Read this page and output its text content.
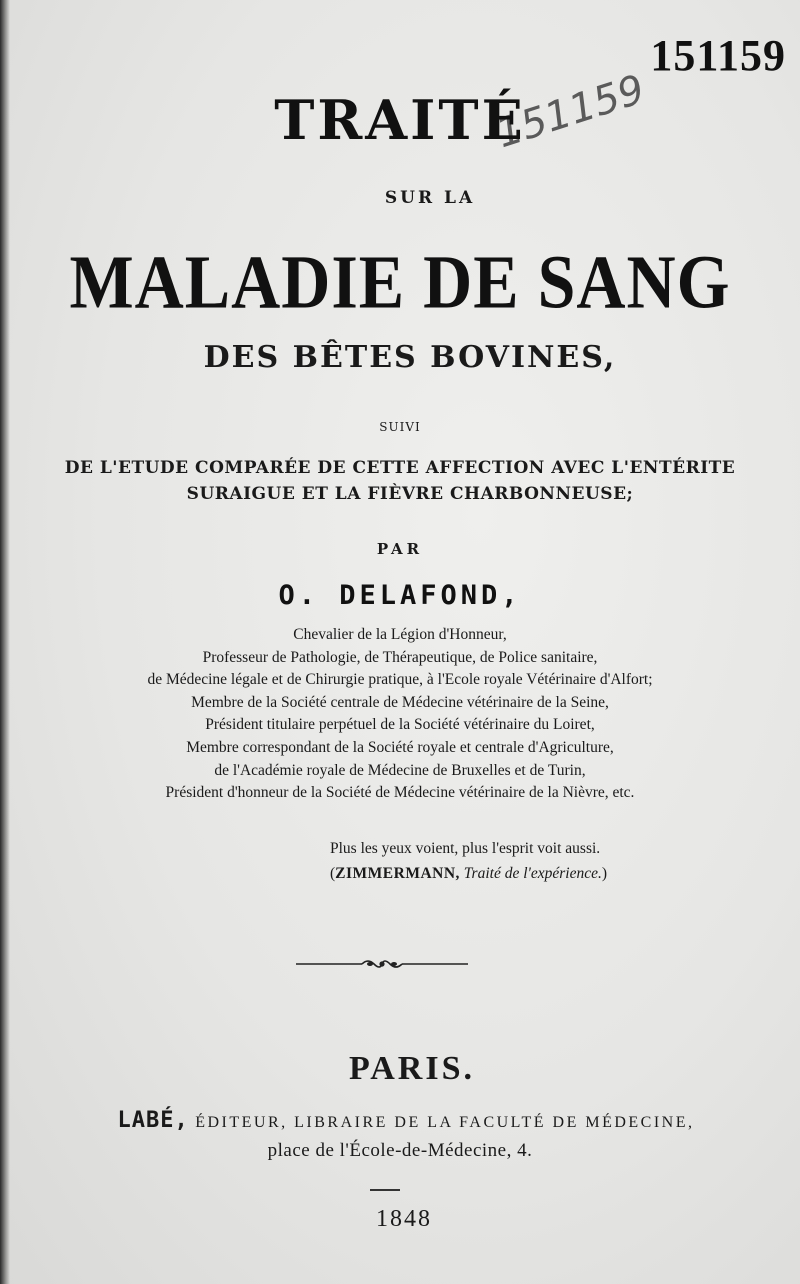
151159
151159
TRAITÉ
SUR LA
MALADIE DE SANG
DES BÊTES BOVINES,
SUIVI
DE L'ETUDE COMPARÉE DE CETTE AFFECTION AVEC L'ENTÉRITE
SURAIGUE ET LA FIÈVRE CHARBONNEUSE;
PAR
O. DELAFOND,
Chevalier de la Légion d'Honneur,
Professeur de Pathologie, de Thérapeutique, de Police sanitaire,
de Médecine légale et de Chirurgie pratique, à l'Ecole royale Vétérinaire d'Alfort;
Membre de la Société centrale de Médecine vétérinaire de la Seine,
Président titulaire perpétuel de la Société vétérinaire du Loiret,
Membre correspondant de la Société royale et centrale d'Agriculture,
de l'Académie royale de Médecine de Bruxelles et de Turin,
Président d'honneur de la Société de Médecine vétérinaire de la Nièvre, etc.
Plus les yeux voient, plus l'esprit voit aussi.
(ZIMMERMANN, Traité de l'expérience.)
PARIS.
LABÉ, ÉDITEUR, LIBRAIRE DE LA FACULTÉ DE MÉDECINE,
place de l'École-de-Médecine, 4.
1848
